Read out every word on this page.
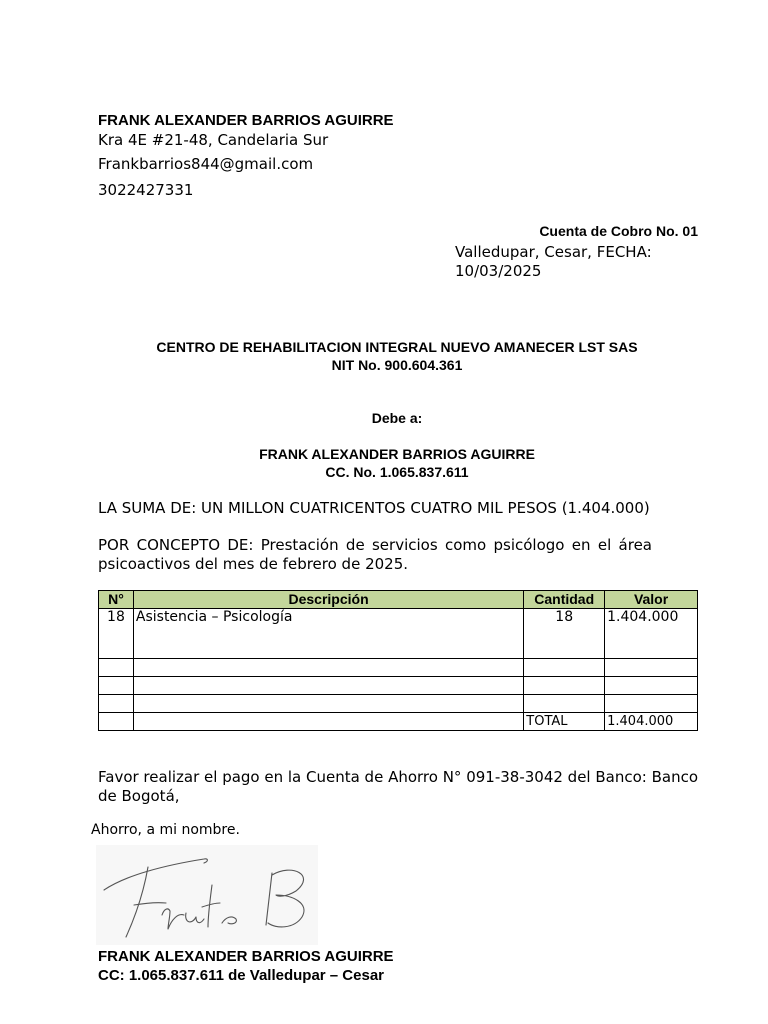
FRANK ALEXANDER BARRIOS AGUIRRE
Kra 4E #21-48, Candelaria Sur
Frankbarrios844@gmail.com
3022427331
Cuenta de Cobro No. 01
Valledupar, Cesar, FECHA:
10/03/2025
CENTRO DE REHABILITACION INTEGRAL NUEVO AMANECER LST SAS
NIT No. 900.604.361
Debe a:
FRANK ALEXANDER BARRIOS AGUIRRE
CC. No. 1.065.837.611
LA SUMA DE: UN MILLON CUATRICENTOS CUATRO MIL PESOS (1.404.000)
POR CONCEPTO DE: Prestación de servicios como psicólogo en el área psicoactivos del mes de febrero de 2025.
N°	Descripción	Cantidad	Valor
18	Asistencia – Psicología	18	1.404.000

		TOTAL	1.404.000
Favor realizar el pago en la Cuenta de Ahorro N° 091-38-3042 del Banco: Banco de Bogotá,
Ahorro, a mi nombre.
FRANK ALEXANDER BARRIOS AGUIRRE
CC: 1.065.837.611 de Valledupar – Cesar
